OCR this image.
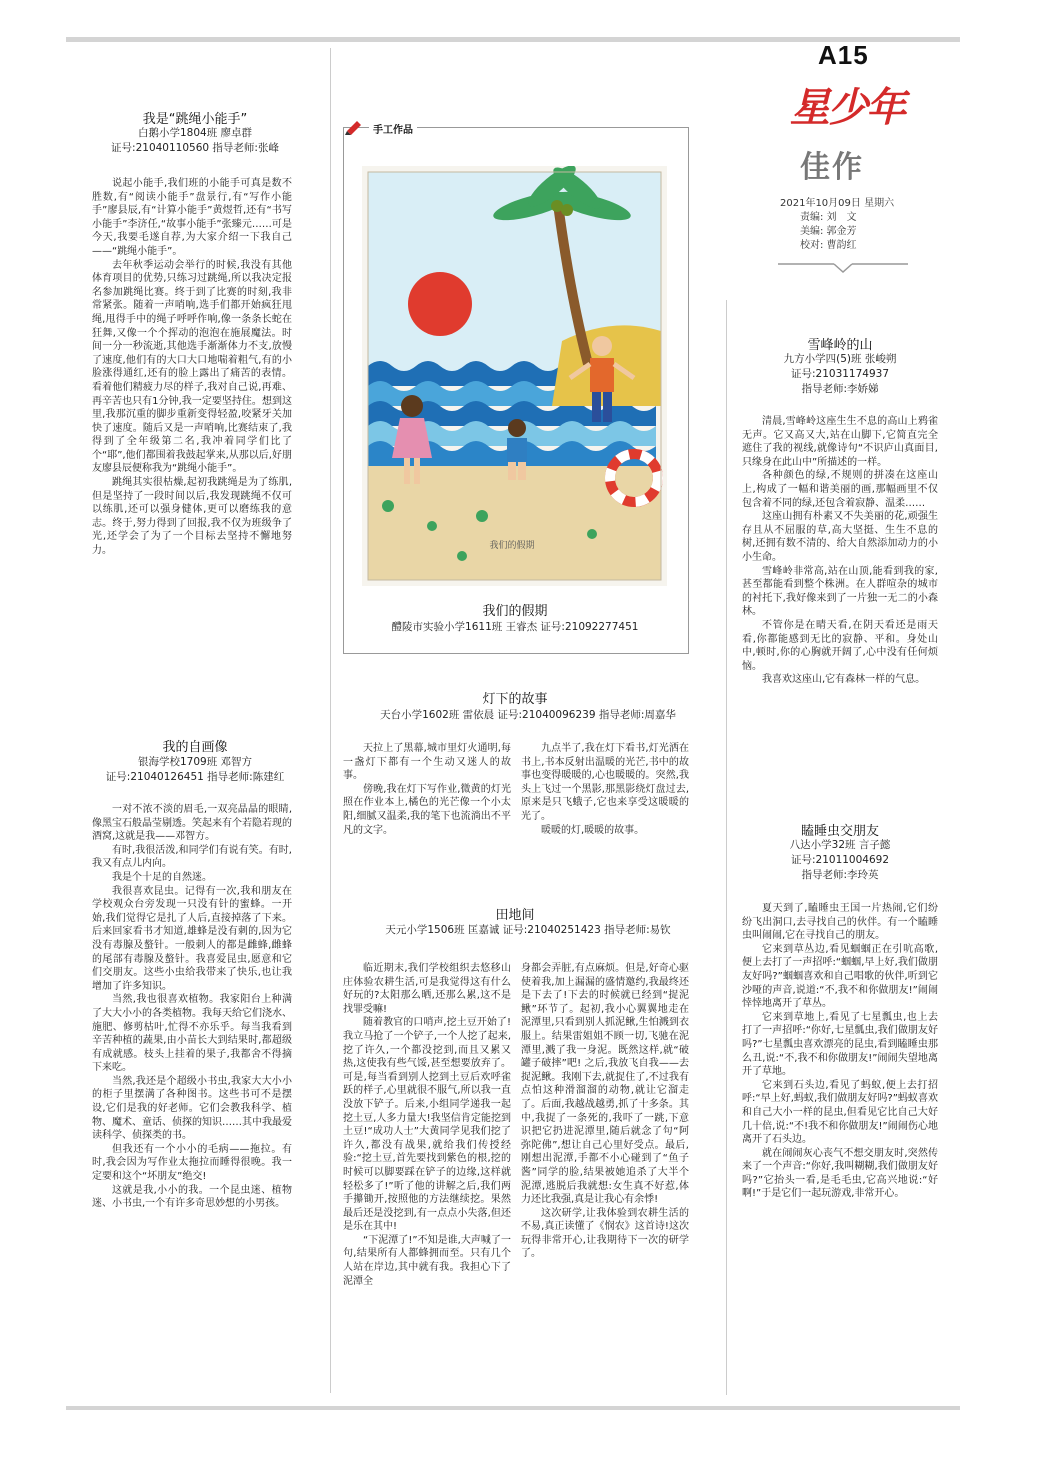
A15
星少年
佳作
2021年10月09日 星期六
责编: 刘　文
美编: 郭金芳
校对: 曹韵红
我是“跳绳小能手”
白鹅小学1804班 廖卓群
证号:21040110560 指导老师:张峰

说起小能手,我们班的小能手可真是数不胜数,有“阅读小能手”盘景行,有“写作小能手”廖县辰,有“计算小能手”黄煜哲,还有“书写小能手”李济任,“故事小能手”张臻元……可是今天,我要毛遂自荐,为大家介绍一下我自己——“跳绳小能手”。

去年秋季运动会举行的时候,我没有其他体育项目的优势,只练习过跳绳,所以我决定报名参加跳绳比赛。终于到了比赛的时刻,我非常紧张。随着一声哨响,选手们都开始疯狂甩绳,甩得手中的绳子呼呼作响,像一条条长蛇在狂舞,又像一个个挥动的泡泡在施展魔法。时间一分一秒流逝,其他选手渐渐体力不支,放慢了速度,他们有的大口大口地喘着粗气,有的小脸涨得通红,还有的脸上露出了痛苦的表情。看着他们精疲力尽的样子,我对自己说,再难、再辛苦也只有1分钟,我一定要坚持住。想到这里,我那沉重的脚步重新变得轻盈,咬紧牙关加快了速度。随后又是一声哨响,比赛结束了,我得到了全年级第二名,我冲着同学们比了个“耶”,他们都围着我鼓起掌来,从那以后,好朋友廖县辰便称我为“跳绳小能手”。

跳绳其实很枯燥,起初我跳绳是为了练肌,但是坚持了一段时间以后,我发现跳绳不仅可以练肌,还可以强身健体,更可以磨练我的意志。终于,努力得到了回报,我不仅为班级争了光,还学会了为了一个目标去坚持不懈地努力。

我的自画像
银海学校1709班 邓智方
证号:21040126451 指导老师:陈建红

一对不浓不淡的眉毛,一双亮晶晶的眼睛,像黑宝石般晶莹剔透。笑起来有个若隐若现的酒窝,这就是我——邓智方。

有时,我很活泼,和同学们有说有笑。有时,我又有点儿内向。

我是个十足的自然迷。

我很喜欢昆虫。记得有一次,我和朋友在学校观众台旁发现一只没有针的蜜蜂。一开始,我们觉得它是扎了人后,直接掉落了下来。后来回家看书才知道,雄蜂是没有刺的,因为它没有毒腺及螯针。一般刺人的都是雌蜂,雌蜂的尾部有毒腺及螯针。我喜爱昆虫,愿意和它们交朋友。这些小虫给我带来了快乐,也让我增加了许多知识。

当然,我也很喜欢植物。我家阳台上种满了大大小小的各类植物。我每天给它们浇水、施肥、修剪枯叶,忙得不亦乐乎。每当我看到辛苦种植的蔬果,由小苗长大到结果时,都超级有成就感。枝头上挂着的果子,我都舍不得摘下来吃。

当然,我还是个超级小书虫,我家大大小小的柜子里摆满了各种图书。这些书可不是摆设,它们是我的好老师。它们会教我科学、植物、魔术、童话、侦探的知识……其中我最爱读科学、侦探类的书。

但我还有一个小小的毛病——拖拉。有时,我会因为写作业太拖拉而睡得很晚。我一定要和这个“坏朋友”绝交!

这就是我,小小的我。一个昆虫迷、植物迷、小书虫,一个有许多奇思妙想的小男孩。

手工作品
我们的假期
我们的假期
醴陵市实验小学1611班 王睿杰 证号:21092277451
灯下的故事
天台小学1602班 雷依晨 证号:21040096239 指导老师:周嘉华

天拉上了黑幕,城市里灯火通明,每一盏灯下都有一个生动又迷人的故事。

傍晚,我在灯下写作业,微黄的灯光照在作业本上,橘色的光芒像一个小太阳,细腻又温柔,我的笔下也流淌出不平凡的文字。

九点半了,我在灯下看书,灯光洒在书上,书本反射出温暖的光芒,书中的故事也变得暖暖的,心也暖暖的。突然,我头上飞过一个黑影,那黑影绕灯盘过去,原来是只飞蛾子,它也来享受这暖暖的光了。

暖暖的灯,暖暖的故事。

田地间
天元小学1506班 匡嘉诚 证号:21040251423 指导老师:易钦

临近期末,我们学校组织去悠移山庄体验农耕生活,可是我觉得这有什么好玩的?太阳那么晒,还那么累,这不是找罪受嘛!

随着教官的口哨声,挖土豆开始了!我立马抢了一个铲子,一个人挖了起来,挖了许久,一个都没挖到,而且又累又热,这使我有些气馁,甚至想要放弃了。可是,每当看到别人挖到土豆后欢呼雀跃的样子,心里就很不服气,所以我一直没放下铲子。后来,小组同学递我一起挖土豆,人多力量大!我坚信肯定能挖到土豆!“成功人士”大黄同学见我们挖了许久,都没有战果,就给我们传授经验:“挖土豆,首先要找到紫色的根,挖的时候可以脚要踩在铲子的边缘,这样就轻松多了!”听了他的讲解之后,我们两手攥锄开,按照他的方法继续挖。果然最后还是没挖到,有一点点小失落,但还是乐在其中!

“下泥潭了!”不知是谁,大声喊了一句,结果所有人都蜂拥而至。只有几个人站在岸边,其中就有我。我担心下了泥潭全

身都会弄脏,有点麻烦。但是,好奇心驱使着我,加上漏漏的盛情邀约,我最终还是下去了!下去的时候就已经到“捉泥鳅”环节了。起初,我小心翼翼地走在泥潭里,只看到别人抓泥鳅,生怕溅到衣服上。结果雷姐姐不顾一切,飞驰在泥潭里,溅了我一身泥。既然这样,就“破罐子破摔”吧! 之后,我放飞自我——去捉泥鳅。我刚下去,就捉住了,不过我有点怕这种滑溜溜的动物,就让它溜走了。后面,我越战越勇,抓了十多条。其中,我捉了一条死的,我吓了一跳,下意识把它扔进泥潭里,随后就念了句“阿弥陀佛”,想让自己心里好受点。最后,刚想出泥潭,手都不小心碰到了“鱼子酱”同学的脸,结果被她追杀了大半个泥潭,逃脱后我就想:女生真不好惹,体力还比我强,真是让我心有余悸!

这次研学,让我体验到农耕生活的不易,真正读懂了《悯农》这首诗!这次玩得非常开心,让我期待下一次的研学了。

雪峰岭的山
九方小学四(5)班 张峻朔
证号:21031174937
指导老师:李娇娣

清晨,雪峰岭这座生生不息的高山上鸦雀无声。它又高又大,站在山脚下,它简直完全遮住了我的视线,就像诗句“不识庐山真面目,只缘身在此山中”所描述的一样。

各种颜色的绿,不规则的拼凑在这座山上,构成了一幅和谐美丽的画,那幅画里不仅包含着不同的绿,还包含着寂静、温柔……

这座山拥有朴素又不失美丽的花,顽强生存且从不屈服的草,高大坚挺、生生不息的树,还拥有数不清的、给大自然添加动力的小小生命。

雪峰岭非常高,站在山顶,能看到我的家,甚至都能看到整个株洲。在人群喧杂的城市的衬托下,我好像来到了一片独一无二的小森林。

不管你是在晴天看,在阴天看还是雨天看,你都能感到无比的寂静、平和。身处山中,顿时,你的心胸就开阔了,心中没有任何烦恼。

我喜欢这座山,它有森林一样的气息。

瞌睡虫交朋友
八达小学32班 言子懿
证号:21011004692
指导老师:李玲英

夏天到了,瞌睡虫王国一片热闹,它们纷纷飞出洞口,去寻找自己的伙伴。有一个瞌睡虫叫闹闹,它在寻找自己的朋友。

它来到草丛边,看见蝈蝈正在引吭高歌,便上去打了一声招呼:“蝈蝈,早上好,我们做朋友好吗?”蝈蝈喜欢和自己唱歌的伙伴,听到它沙哑的声音,说道:“不,我不和你做朋友!”闹闹悻悻地离开了草丛。

它来到草地上,看见了七星瓢虫,也上去打了一声招呼:“你好,七星瓢虫,我们做朋友好吗?”七星瓢虫喜欢漂亮的昆虫,看到瞌睡虫那么丑,说:“不,我不和你做朋友!”闹闹失望地离开了草地。

它来到石头边,看见了蚂蚁,便上去打招呼:“早上好,蚂蚁,我们做朋友好吗?”蚂蚁喜欢和自己大小一样的昆虫,但看见它比自己大好几十倍,说:“不!我不和你做朋友!”闹闹伤心地离开了石头边。

就在闹闹灰心丧气不想交朋友时,突然传来了一个声音:“你好,我叫糊糊,我们做朋友好吗?”它抬头一看,是毛毛虫,它高兴地说:“好啊!”于是它们一起玩游戏,非常开心。
